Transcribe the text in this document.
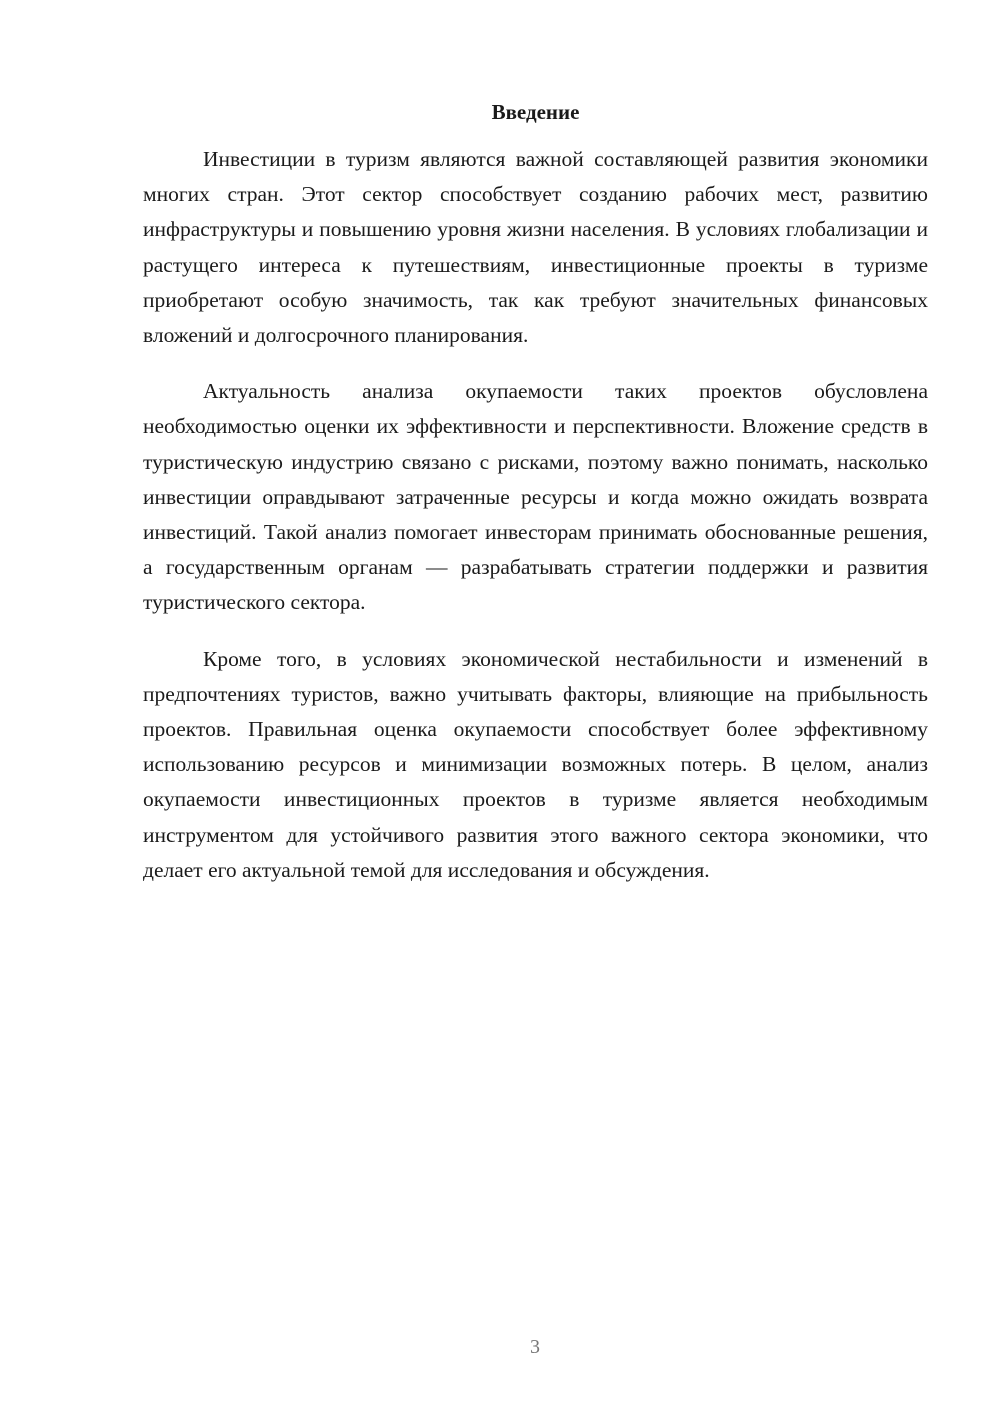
Введение

Инвестиции в туризм являются важной составляющей развития экономики многих стран. Этот сектор способствует созданию рабочих мест, развитию инфраструктуры и повышению уровня жизни населения. В условиях глобализации и растущего интереса к путешествиям, инвестиционные проекты в туризме приобретают особую значимость, так как требуют значительных финансовых вложений и долгосрочного планирования.

Актуальность анализа окупаемости таких проектов обусловлена необходимостью оценки их эффективности и перспективности. Вложение средств в туристическую индустрию связано с рисками, поэтому важно понимать, насколько инвестиции оправдывают затраченные ресурсы и когда можно ожидать возврата инвестиций. Такой анализ помогает инвесторам принимать обоснованные решения, а государственным органам — разрабатывать стратегии поддержки и развития туристического сектора.

Кроме того, в условиях экономической нестабильности и изменений в предпочтениях туристов, важно учитывать факторы, влияющие на прибыльность проектов. Правильная оценка окупаемости способствует более эффективному использованию ресурсов и минимизации возможных потерь. В целом, анализ окупаемости инвестиционных проектов в туризме является необходимым инструментом для устойчивого развития этого важного сектора экономики, что делает его актуальной темой для исследования и обсуждения.

3
